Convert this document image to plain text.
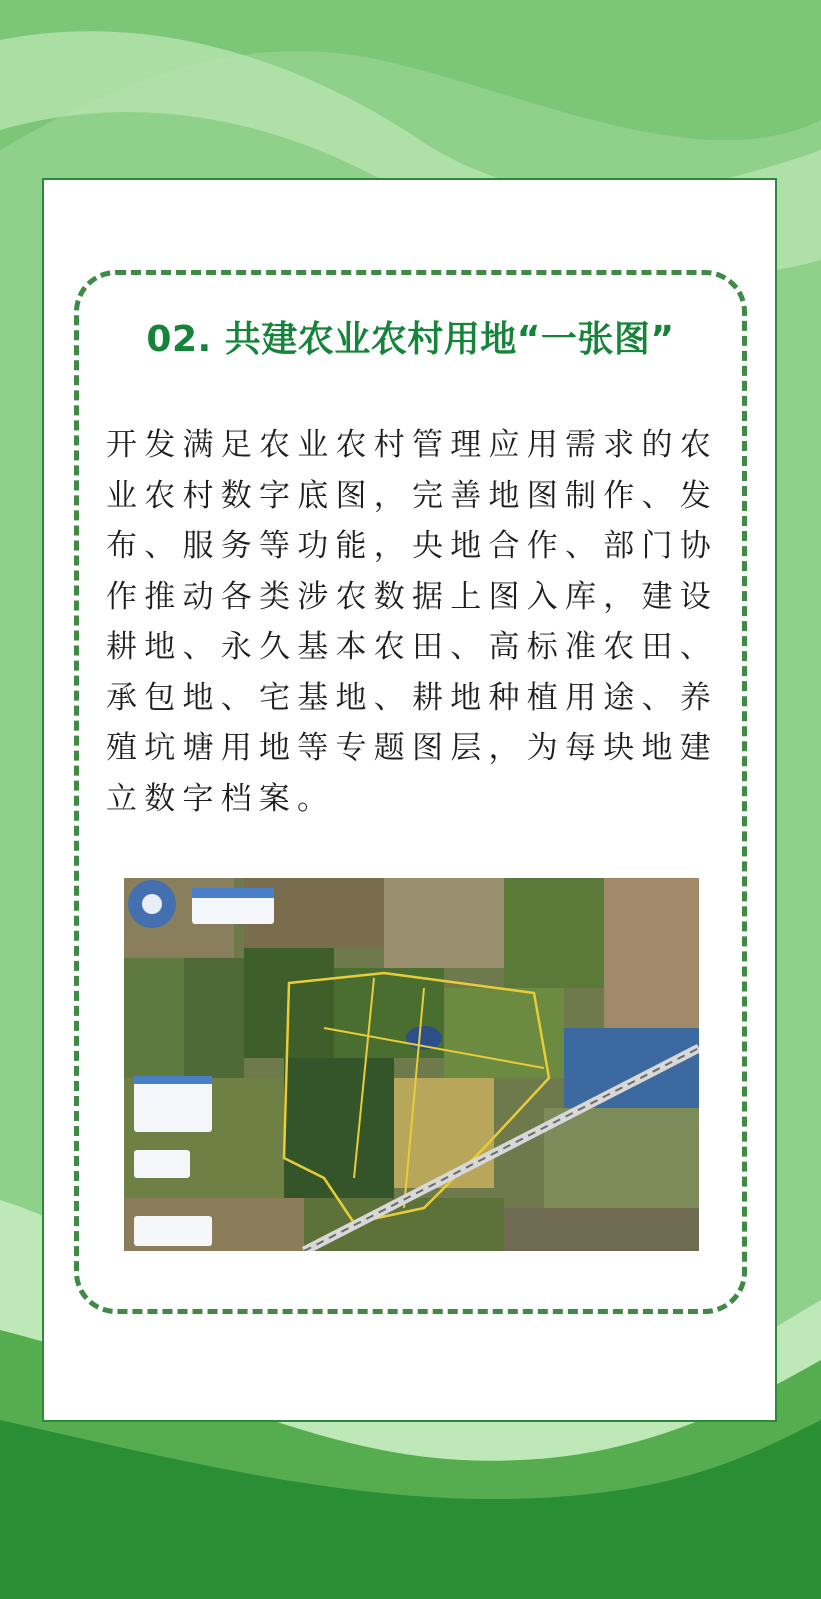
02. 共建农业农村用地“一张图”
开发满足农业农村管理应用需求的农业农村数字底图，完善地图制作、发布、服务等功能，央地合作、部门协作推动各类涉农数据上图入库，建设耕地、永久基本农田、高标准农田、承包地、宅基地、耕地种植用途、养殖坑塘用地等专题图层，为每块地建立数字档案。
